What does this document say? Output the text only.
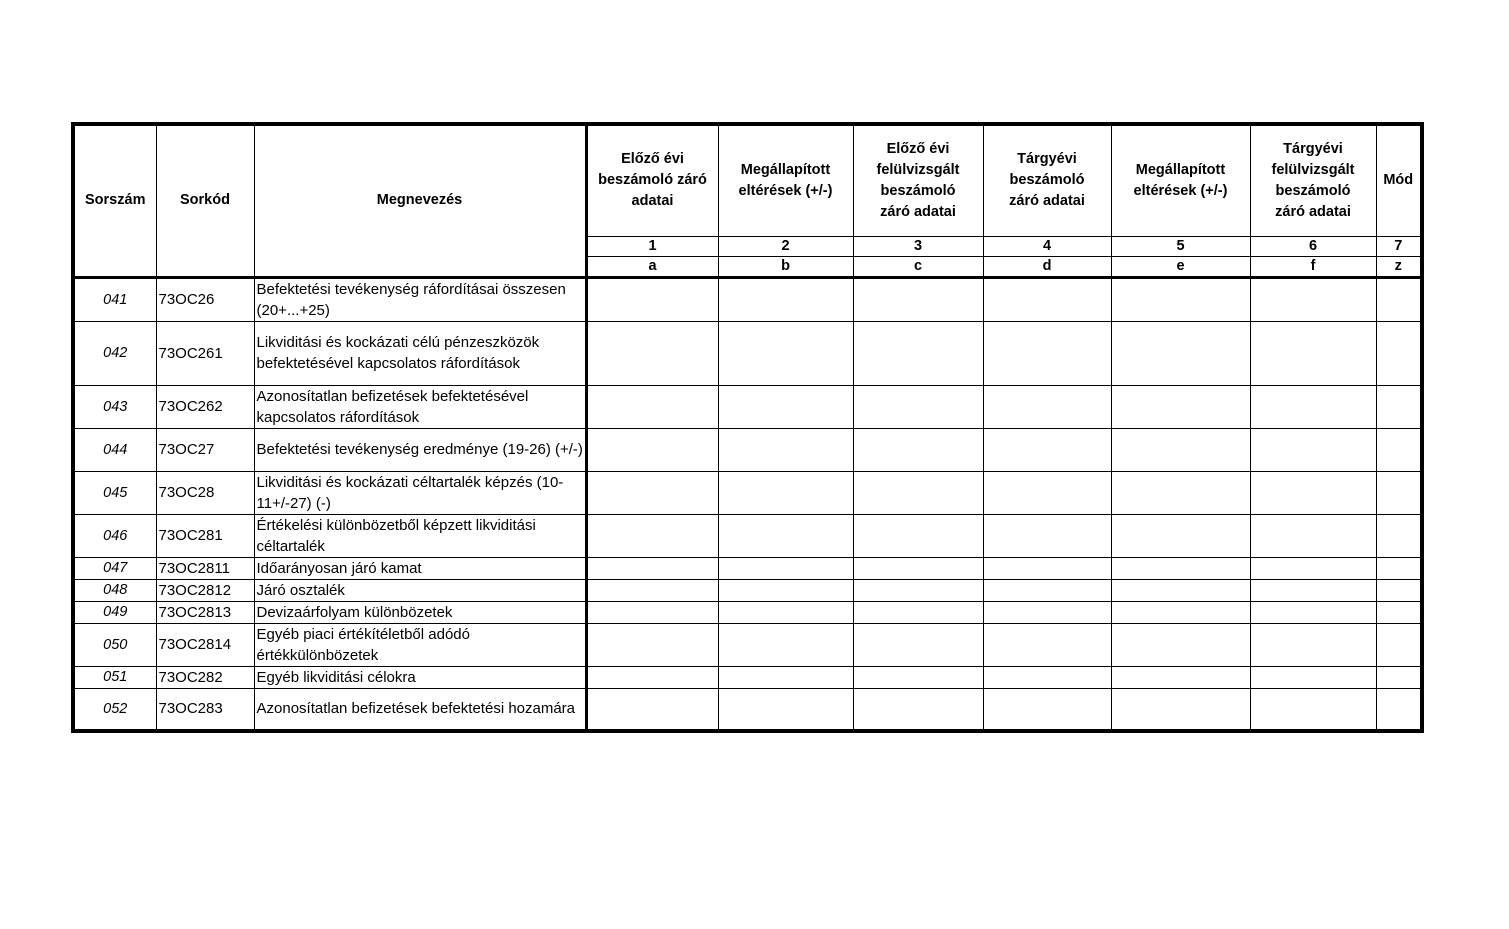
Sorszám	Sorkód	Megnevezés	Előző évi beszámoló záró adatai	Megállapított eltérések (+/-)	Előző évi felülvizsgált beszámoló záró adatai	Tárgyévi beszámoló záró adatai	Megállapított eltérések (+/-)	Tárgyévi felülvizsgált beszámoló záró adatai	Mód
			1	2	3	4	5	6	7
			a	b	c	d	e	f	z
041	73OC26	Befektetési tevékenység ráfordításai összesen (20+...+25)							
042	73OC261	Likviditási és kockázati célú pénzeszközök befektetésével kapcsolatos ráfordítások							
043	73OC262	Azonosítatlan befizetések befektetésével kapcsolatos ráfordítások							
044	73OC27	Befektetési tevékenység eredménye (19-26) (+/-)							
045	73OC28	Likviditási és kockázati céltartalék képzés (10-11+/-27) (-)							
046	73OC281	Értékelési különbözetből képzett likviditási céltartalék							
047	73OC2811	Időarányosan járó kamat							
048	73OC2812	Járó osztalék							
049	73OC2813	Devizaárfolyam különbözetek							
050	73OC2814	Egyéb piaci értékítéletből adódó értékkülönbözetek							
051	73OC282	Egyéb likviditási célokra							
052	73OC283	Azonosítatlan befizetések befektetési hozamára							
